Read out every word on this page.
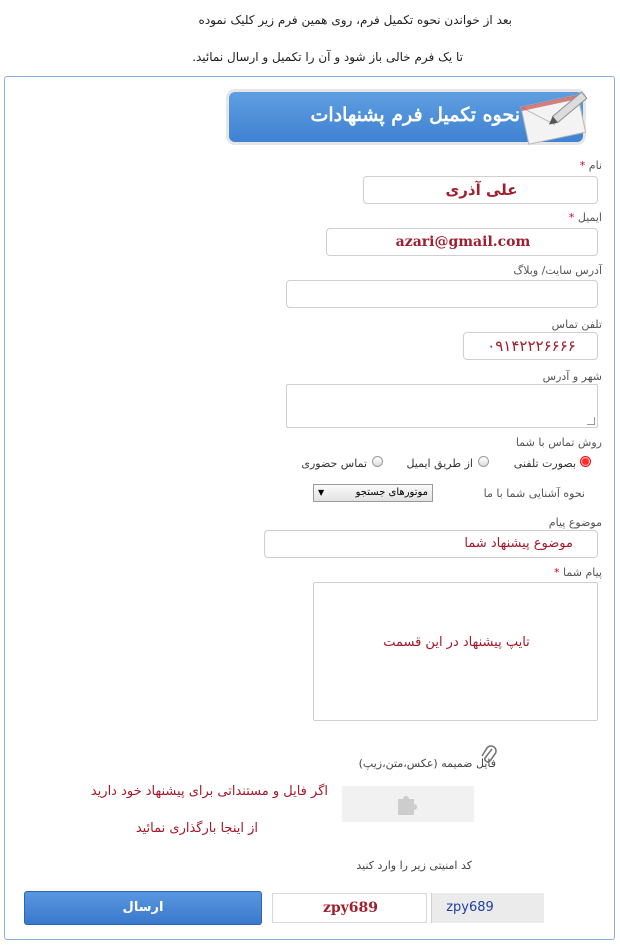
بعد از خواندن نحوه تکمیل فرم، روی همین فرم زیر کلیک نموده
تا یک فرم خالی باز شود و آن را تکمیل و ارسال نمائید.
نحوه تکمیل فرم پشنهادات
نام *
علی آذری
ایمیل *
azari@gmail.com
آدرس سایت/ وبلاگ
تلفن تماس
۰۹۱۴۲۲۲۶۶۶۶
شهر و آدرس
روش تماس با شما
بصورت تلفنی
از طریق ایمیل
تماس حضوری
نحوه آشنایی شما با ما
موتورهای جستجو
▼
موضوع پیام
موضوع پیشنهاد شما
پیام شما *
تایپ پیشنهاد در این قسمت
فایل ضمیمه (عکس،متن،زیپ)
اگر فایل و مستنداتی برای پیشنهاد خود دارید
از اینجا بارگذاری نمائید
کد امنیتی زیر را وارد کنید
zpy689	zpy689
ارسال
